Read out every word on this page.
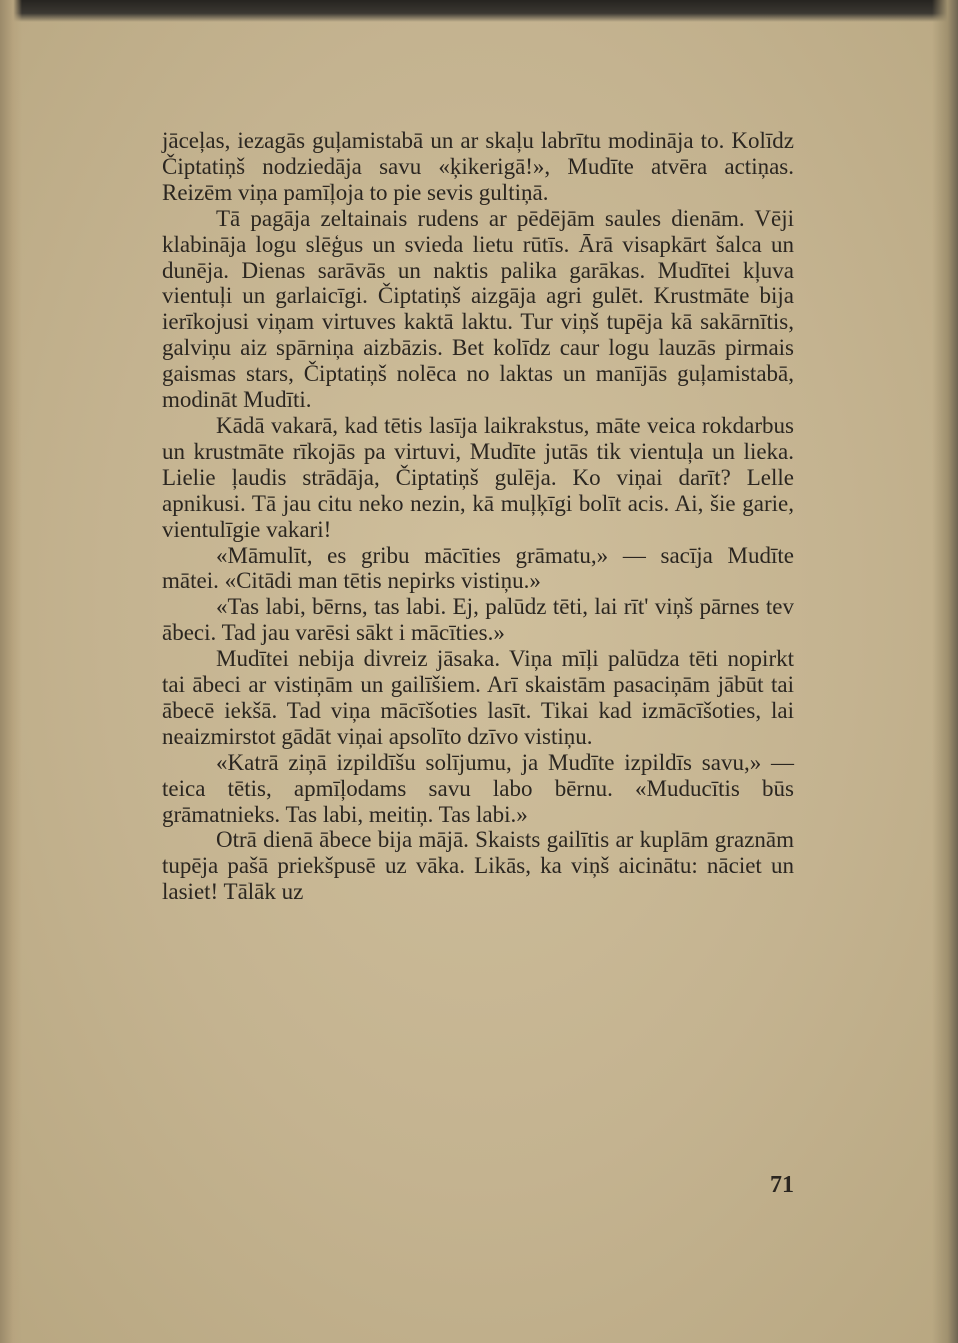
jāceļas, iezagās guļamistabā un ar skaļu labrītu modināja to. Kolīdz Čiptatiņš nodziedāja savu «ķikerigā!», Mudīte atvēra actiņas. Reizēm viņa pamīļoja to pie sevis gultiņā.

Tā pagāja zeltainais rudens ar pēdējām saules dienām. Vēji klabināja logu slēģus un svieda lietu rūtīs. Ārā visapkārt šalca un dunēja. Dienas sarāvās un naktis palika garākas. Mudītei kļuva vientuļi un garlaicīgi. Čiptatiņš aizgāja agri gulēt. Krustmāte bija ierīkojusi viņam virtuves kaktā laktu. Tur viņš tupēja kā sakārnītis, galviņu aiz spārniņa aizbāzis. Bet kolīdz caur logu lauzās pirmais gaismas stars, Čiptatiņš nolēca no laktas un manījās guļamistabā, modināt Mudīti.

Kādā vakarā, kad tētis lasīja laikrakstus, māte veica rokdarbus un krustmāte rīkojās pa virtuvi, Mudīte jutās tik vientuļa un lieka. Lielie ļaudis strādāja, Čiptatiņš gulēja. Ko viņai darīt? Lelle apnikusi. Tā jau citu neko nezin, kā muļķīgi bolīt acis. Ai, šie garie, vientulīgie vakari!

«Māmulīt, es gribu mācīties grāmatu,» — sacīja Mudīte mātei. «Citādi man tētis nepirks vistiņu.»

«Tas labi, bērns, tas labi. Ej, palūdz tēti, lai rīt' viņš pārnes tev ābeci. Tad jau varēsi sākt i mācīties.»

Mudītei nebija divreiz jāsaka. Viņa mīļi palūdza tēti nopirkt tai ābeci ar vistiņām un gailīšiem. Arī skaistām pasaciņām jābūt tai ābecē iekšā. Tad viņa mācīšoties lasīt. Tikai kad izmācīšoties, lai neaizmirstot gādāt viņai apsolīto dzīvo vistiņu.

«Katrā ziņā izpildīšu solījumu, ja Mudīte izpildīs savu,» — teica tētis, apmīļodams savu labo bērnu. «Muducītis būs grāmatnieks. Tas labi, meitiņ. Tas labi.»

Otrā dienā ābece bija mājā. Skaists gailītis ar kuplām graznām tupēja pašā priekšpusē uz vāka. Likās, ka viņš aicinātu: nāciet un lasiet! Tālāk uz

71
